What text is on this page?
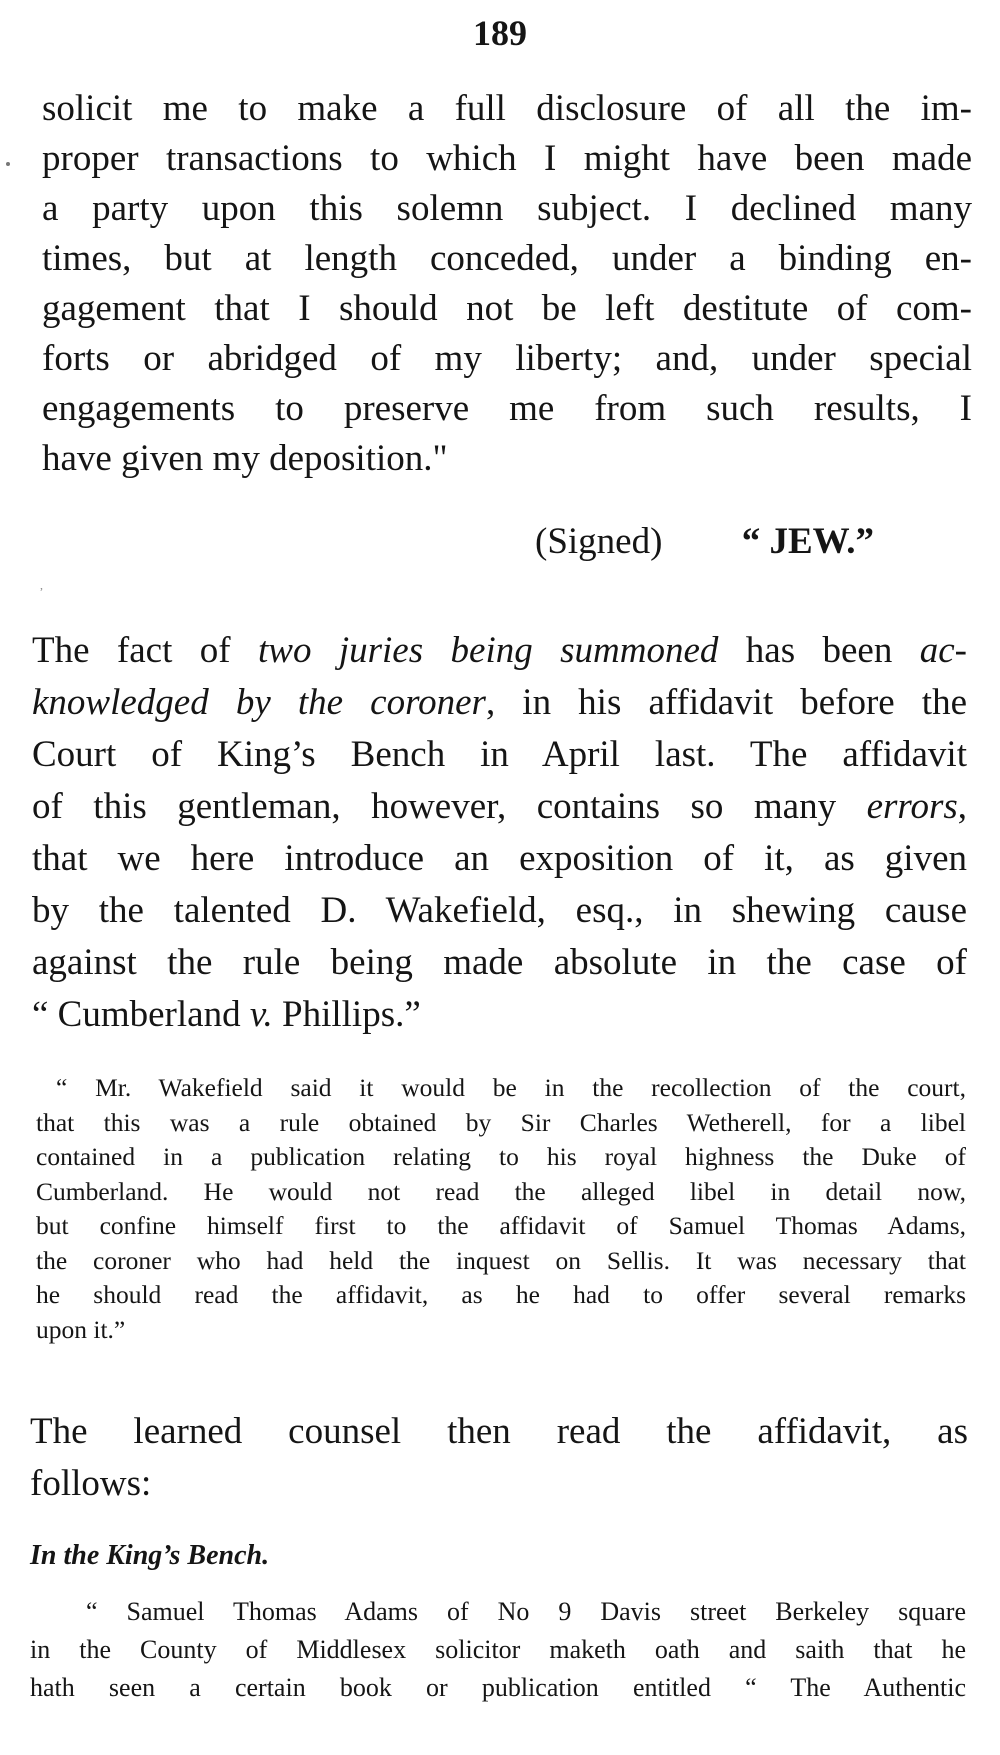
189

solicit me to make a full disclosure of all the im-

proper transactions to which I might have been made

a party upon this solemn subject. I declined many

times, but at length conceded, under a binding en-

gagement that I should not be left destitute of com-

forts or abridged of my liberty; and, under special

engagements to preserve me from such results, I

have given my deposition."

(Signed) “ JEW.”
,

The fact of two juries being summoned has been ac-

knowledged by the coroner, in his affidavit before the

Court of King’s Bench in April last. The affidavit

of this gentleman, however, contains so many errors,

that we here introduce an exposition of it, as given

by the talented D. Wakefield, esq., in shewing cause

against the rule being made absolute in the case of

“ Cumberland v. Phillips.”

“ Mr. Wakefield said it would be in the recollection of the court,

that this was a rule obtained by Sir Charles Wetherell, for a libel

contained in a publication relating to his royal highness the Duke of

Cumberland. He would not read the alleged libel in detail now,

but confine himself first to the affidavit of Samuel Thomas Adams,

the coroner who had held the inquest on Sellis. It was necessary that

he should read the affidavit, as he had to offer several remarks

upon it.”

The learned counsel then read the affidavit, as

follows:

In the King’s Bench.

“ Samuel Thomas Adams of No 9 Davis street Berkeley square

in the County of Middlesex solicitor maketh oath and saith that he

hath seen a certain book or publication entitled “ The Authentic
